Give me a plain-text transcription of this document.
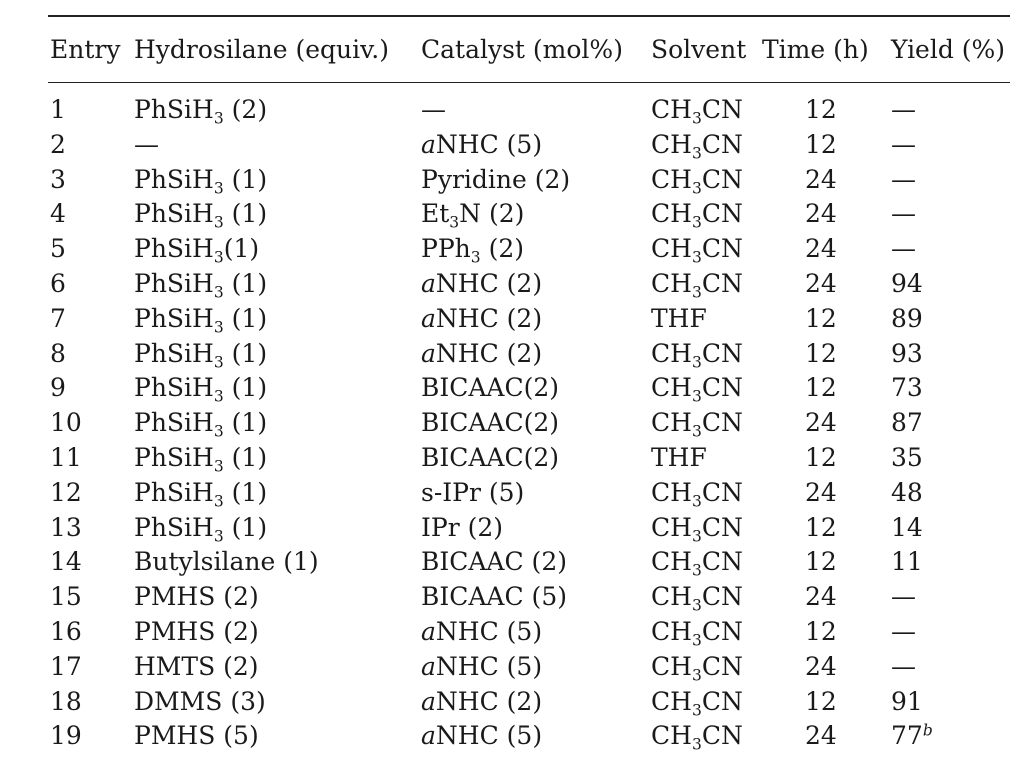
Entry Hydrosilane (equiv.) Catalyst (mol%) Solvent Time (h) Yield (%)
1	PhSiH$_3$ (2)	—	$CH_3CN$ 12 —
2	—	aNHC (5)	$CH_3CN$ 12 —
3	PhSiH$_3$ (1)	Pyridine (2)	$CH_3CN$ 24 —
4	PhSiH$_3$ (1)	$Et_3N$ (2)	$CH_3CN$ 24 —
5	PhSiH$_3$(1)	PPh$_3$ (2)	$CH_3CN$ 24 —
6	PhSiH$_3$ (1)	aNHC (2)	$CH_3CN$ 24 94
7	PhSiH$_3$ (1)	aNHC (2)	THF	12 89
8	PhSiH$_3$ (1)	aNHC (2)	$CH_3CN$ 12 93
9	PhSiH$_3$ (1)	BICAAC(2)	$CH_3CN$ 12 73
10 PhSiH$_3$ (1)	BICAAC(2)	$CH_3CN$ 24 87
11 PhSiH$_3$ (1)	BICAAC(2)	THF	12 35
12 PhSiH$_3$ (1)	s-IPr (5)	$CH_3CN$ 24 48
13 PhSiH$_3$ (1)	IPr (2)	$CH_3CN$ 12 14
14 Butylsilane (1)	BICAAC (2)	$CH_3CN$ 12 11
15 PMHS (2)	BICAAC (5)	$CH_3CN$ 24 —
16 PMHS (2)	aNHC (5)	$CH_3CN$ 12 —
17 HMTS (2)	aNHC (5)	$CH_3CN$ 24 —
18 DMMS (3)	aNHC (2)	$CH_3CN$ 12 91
19 PMHS (5)	aNHC (5)	$CH_3CN$ 24 77$^b$
